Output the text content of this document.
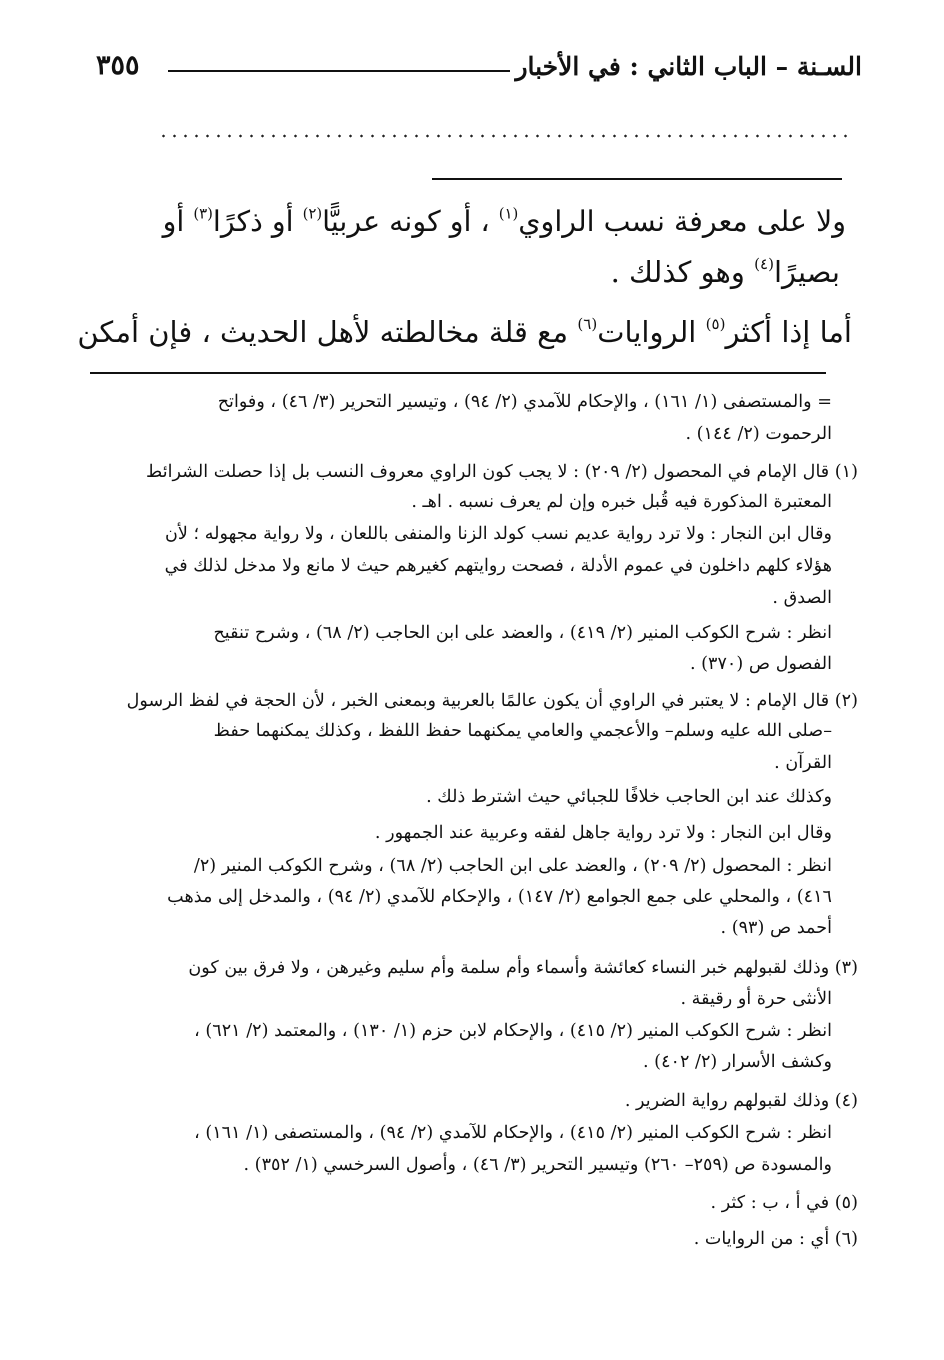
السـنة – الباب الثاني : في الأخبار
٣٥٥
ولا على معرفة نسب الراوي$^{(١)}$ ، أو كونه عربيًّا$^{(٢)}$ أو ذكرًا$^{(٣)}$ أو
بصيرًا$^{(٤)}$ وهو كذلك .
أما إذا أكثر$^{(٥)}$ الروايات$^{(٦)}$ مع قلة مخالطته لأهل الحديث ، فإن أمكن
= والمستصفى (١/ ١٦١) ، والإحكام للآمدي (٢/ ٩٤) ، وتيسير التحرير (٣/ ٤٦) ، وفواتح
الرحموت (٢/ ١٤٤) .
(١) قال الإمام في المحصول (٢/ ٢٠٩) : لا يجب كون الراوي معروف النسب بل إذا حصلت الشرائط
المعتبرة المذكورة فيه قُبل خبره وإن لم يعرف نسبه . اهـ .
وقال ابن النجار : ولا ترد رواية عديم نسب كولد الزنا والمنفى باللعان ، ولا رواية مجهوله ؛ لأن
هؤلاء كلهم داخلون في عموم الأدلة ، فصحت روايتهم كغيرهم حيث لا مانع ولا مدخل لذلك في
الصدق .
انظر : شرح الكوكب المنير (٢/ ٤١٩) ، والعضد على ابن الحاجب (٢/ ٦٨) ، وشرح تنقيح
الفصول ص (٣٧٠) .
(٢) قال الإمام : لا يعتبر في الراوي أن يكون عالمًا بالعربية وبمعنى الخبر ، لأن الحجة في لفظ الرسول
–صلى الله عليه وسلم– والأعجمي والعامي يمكنهما حفظ اللفظ ، وكذلك يمكنهما حفظ
القرآن .
وكذلك عند ابن الحاجب خلافًا للجبائي حيث اشترط ذلك .
وقال ابن النجار : ولا ترد رواية جاهل لفقه وعربية عند الجمهور .
انظر : المحصول (٢/ ٢٠٩) ، والعضد على ابن الحاجب (٢/ ٦٨) ، وشرح الكوكب المنير (٢/
٤١٦) ، والمحلي على جمع الجوامع (٢/ ١٤٧) ، والإحكام للآمدي (٢/ ٩٤) ، والمدخل إلى مذهب
أحمد ص (٩٣) .
(٣) وذلك لقبولهم خبر النساء كعائشة وأسماء وأم سلمة وأم سليم وغيرهن ، ولا فرق بين كون
الأنثى حرة أو رقيقة .
انظر : شرح الكوكب المنير (٢/ ٤١٥) ، والإحكام لابن حزم (١/ ١٣٠) ، والمعتمد (٢/ ٦٢١) ،
وكشف الأسرار (٢/ ٤٠٢) .
(٤) وذلك لقبولهم رواية الضرير .
انظر : شرح الكوكب المنير (٢/ ٤١٥) ، والإحكام للآمدي (٢/ ٩٤) ، والمستصفى (١/ ١٦١) ،
والمسودة ص (٢٥٩– ٢٦٠) وتيسير التحرير (٣/ ٤٦) ، وأصول السرخسي (١/ ٣٥٢) .
(٥) في أ ، ب : كثر .
(٦) أي : من الروايات .
